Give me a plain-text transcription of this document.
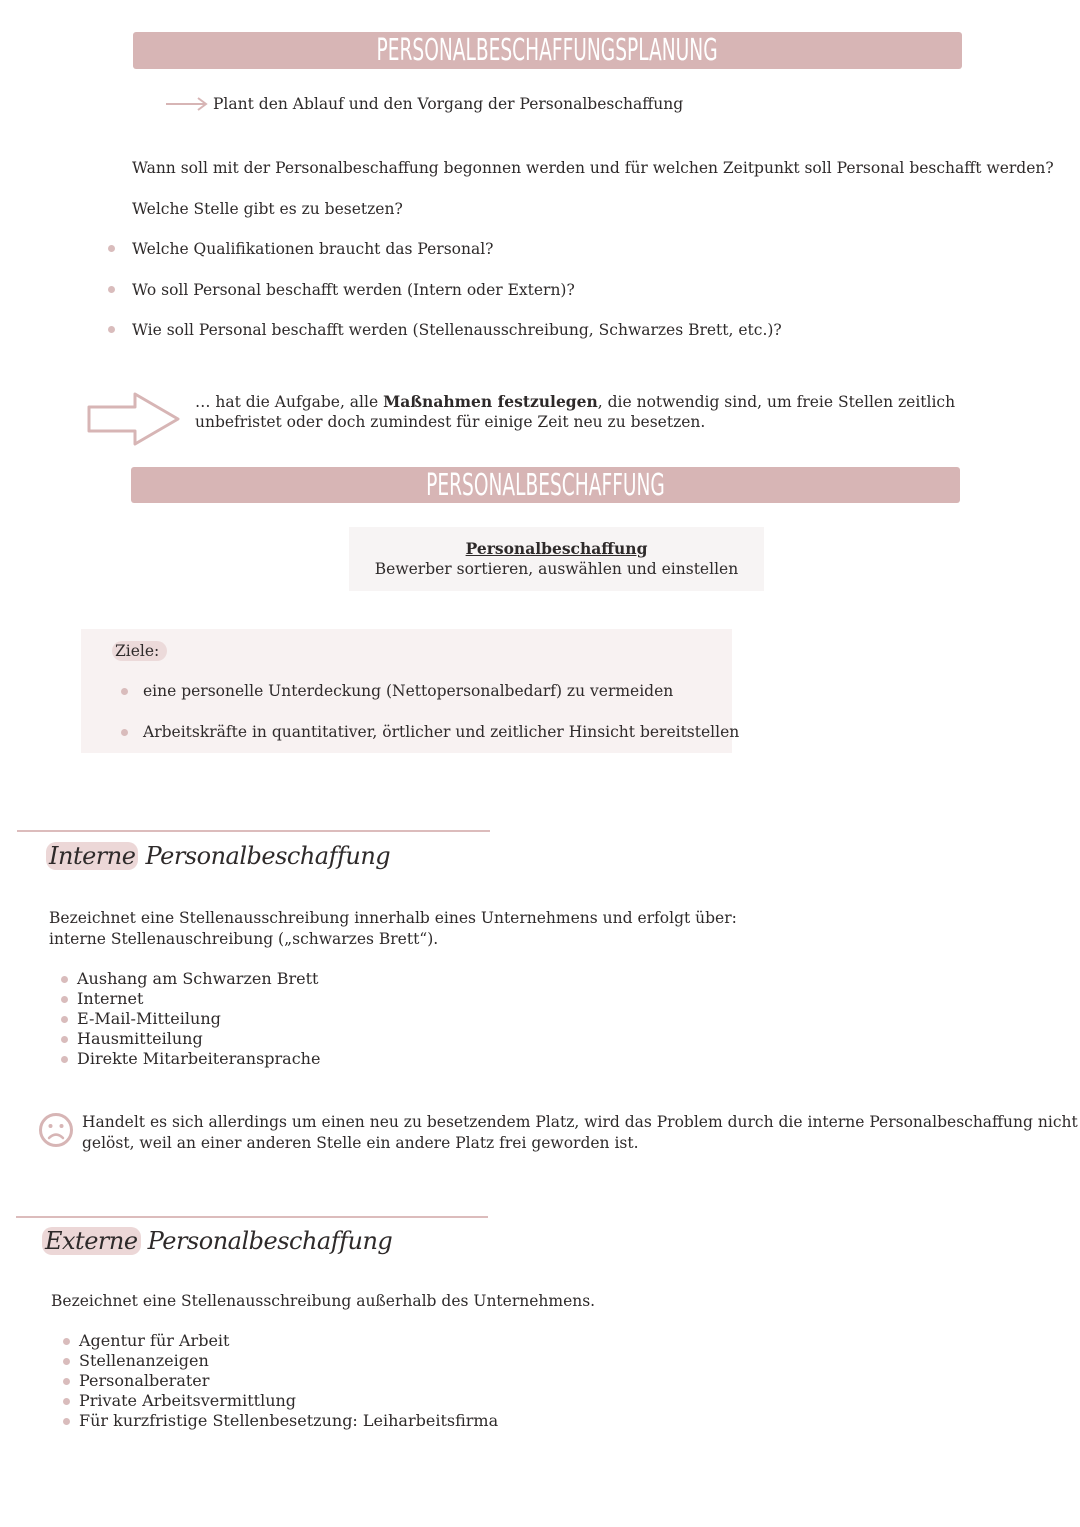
PERSONALBESCHAFFUNGSPLANUNG
Plant den Ablauf und den Vorgang der Personalbeschaffung
Wann soll mit der Personalbeschaffung begonnen werden und für welchen Zeitpunkt soll Personal beschafft werden?
Welche Stelle gibt es zu besetzen?
Welche Qualifikationen braucht das Personal?
Wo soll Personal beschafft werden (Intern oder Extern)?
Wie soll Personal beschafft werden (Stellenausschreibung, Schwarzes Brett, etc.)?
… hat die Aufgabe, alle Maßnahmen festzulegen, die notwendig sind, um freie Stellen zeitlich
unbefristet oder doch zumindest für einige Zeit neu zu besetzen.
PERSONALBESCHAFFUNG
Personalbeschaffung
Bewerber sortieren, auswählen und einstellen
Ziele:
eine personelle Unterdeckung (Nettopersonalbedarf) zu vermeiden
Arbeitskräfte in quantitativer, örtlicher und zeitlicher Hinsicht bereitstellen
Interne Personalbeschaffung
Bezeichnet eine Stellenausschreibung innerhalb eines Unternehmens und erfolgt über:
interne Stellenauschreibung („schwarzes Brett“).
Aushang am Schwarzen Brett
Internet
E-Mail-Mitteilung
Hausmitteilung
Direkte Mitarbeiteransprache
Handelt es sich allerdings um einen neu zu besetzendem Platz, wird das Problem durch die interne Personalbeschaffung nicht
gelöst, weil an einer anderen Stelle ein andere Platz frei geworden ist.
Externe Personalbeschaffung
Bezeichnet eine Stellenausschreibung außerhalb des Unternehmens.
Agentur für Arbeit
Stellenanzeigen
Personalberater
Private Arbeitsvermittlung
Für kurzfristige Stellenbesetzung: Leiharbeitsfirma
